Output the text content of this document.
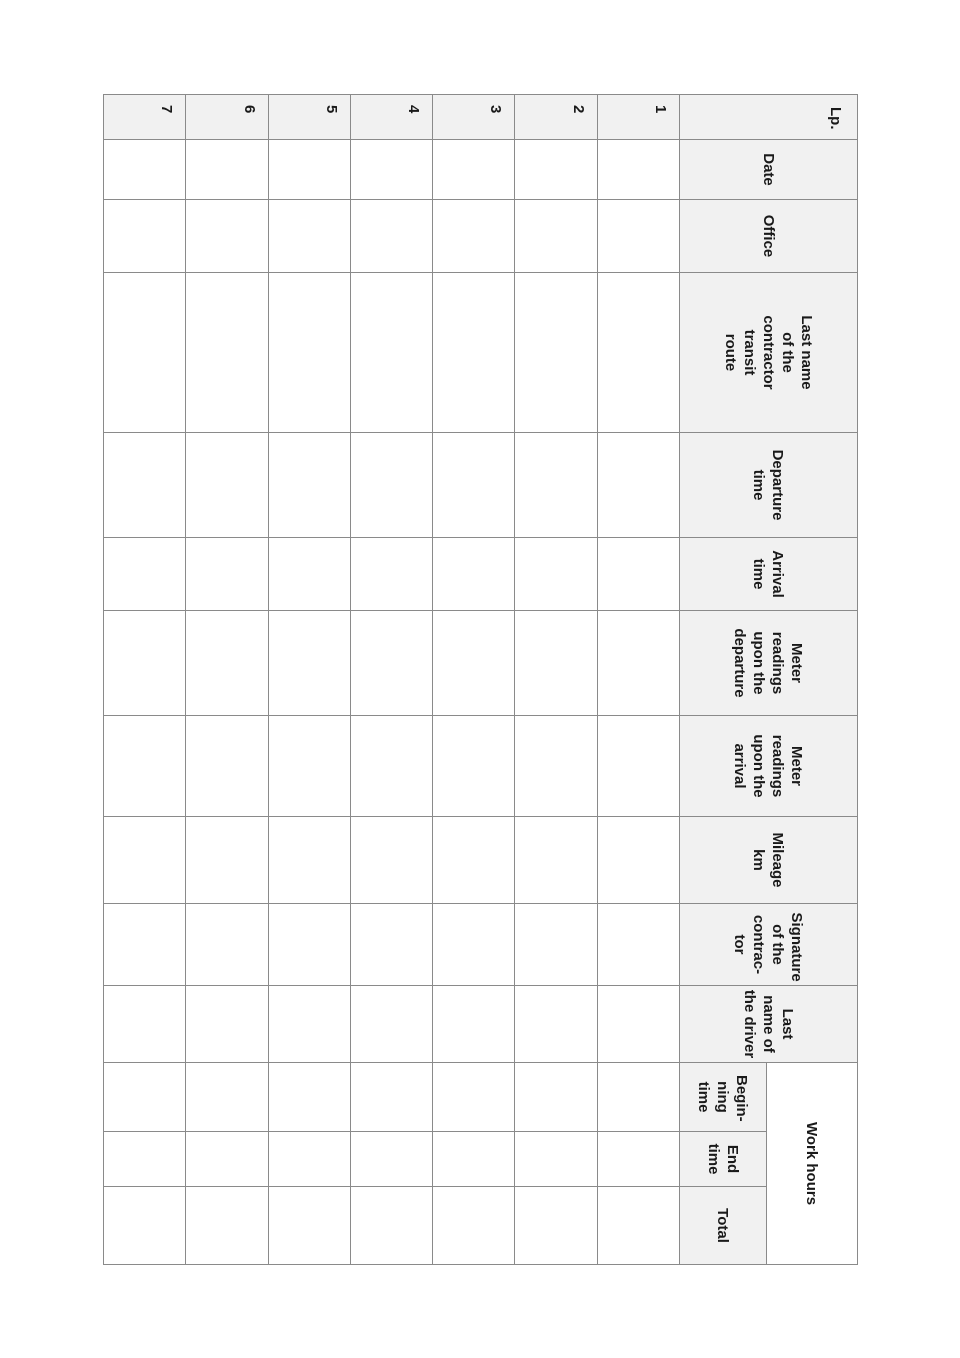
Lp.	Date	Office	Last name of the contractor transit route	Departure time	Arrival time	Meter readings upon the departure	Meter readings upon the arrival	Mileage km	Signature of the contrac-tor	Last name of the driver	Work hours		
											Begin-ning time	End time	Total
1													
2													
3													
4													
5													
6													
7													
